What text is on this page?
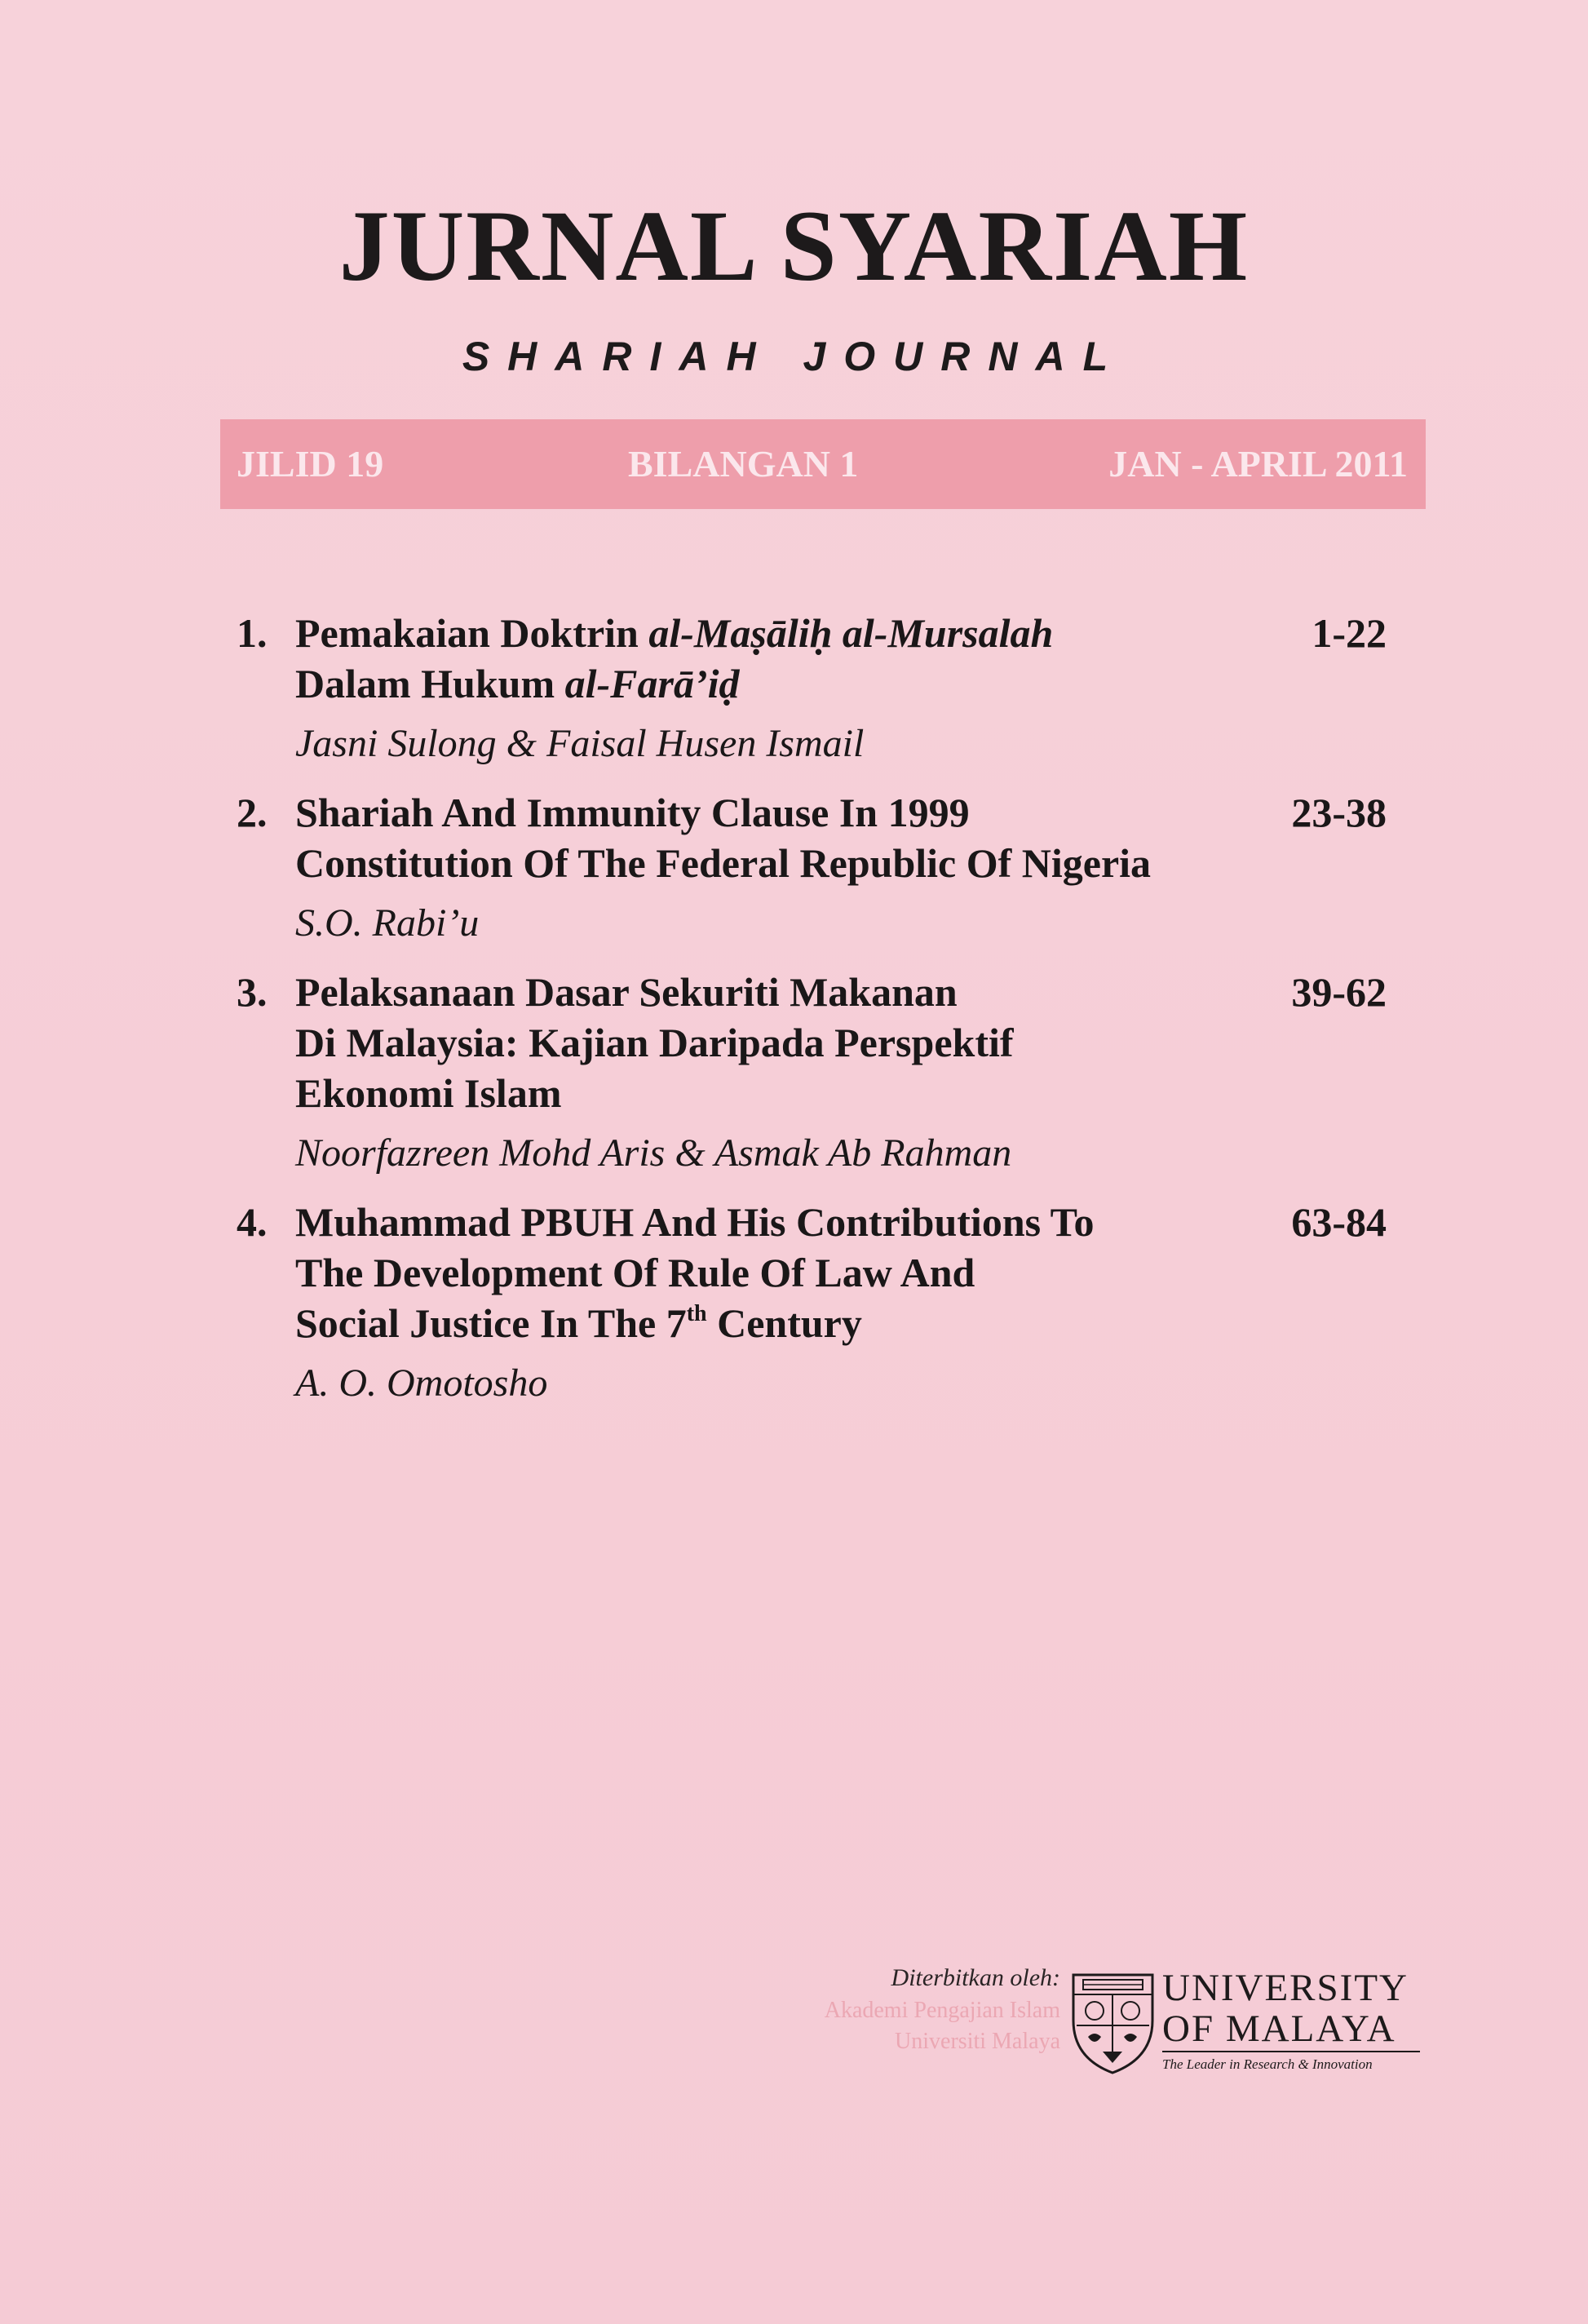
JURNAL SYARIAH
SHARIAH JOURNAL
JILID 19	BILANGAN 1	JAN - APRIL 2011
1. Pemakaian Doktrin al-Maṣāliḥ al-Mursalah
Dalam Hukum al-Farā’iḍ
Jasni Sulong & Faisal Husen Ismail
1-22
2. Shariah And Immunity Clause In 1999
Constitution Of The Federal Republic Of Nigeria
S.O. Rabi’u
23-38
3. Pelaksanaan Dasar Sekuriti Makanan
Di Malaysia: Kajian Daripada Perspektif
Ekonomi Islam
Noorfazreen Mohd Aris & Asmak Ab Rahman
39-62
4. Muhammad PBUH And His Contributions To
The Development Of Rule Of Law And
Social Justice In The 7th Century
A. O. Omotosho
63-84
Diterbitkan oleh:
Akademi Pengajian Islam
Universiti Malaya
UNIVERSITY
OF MALAYA
The Leader in Research & Innovation
